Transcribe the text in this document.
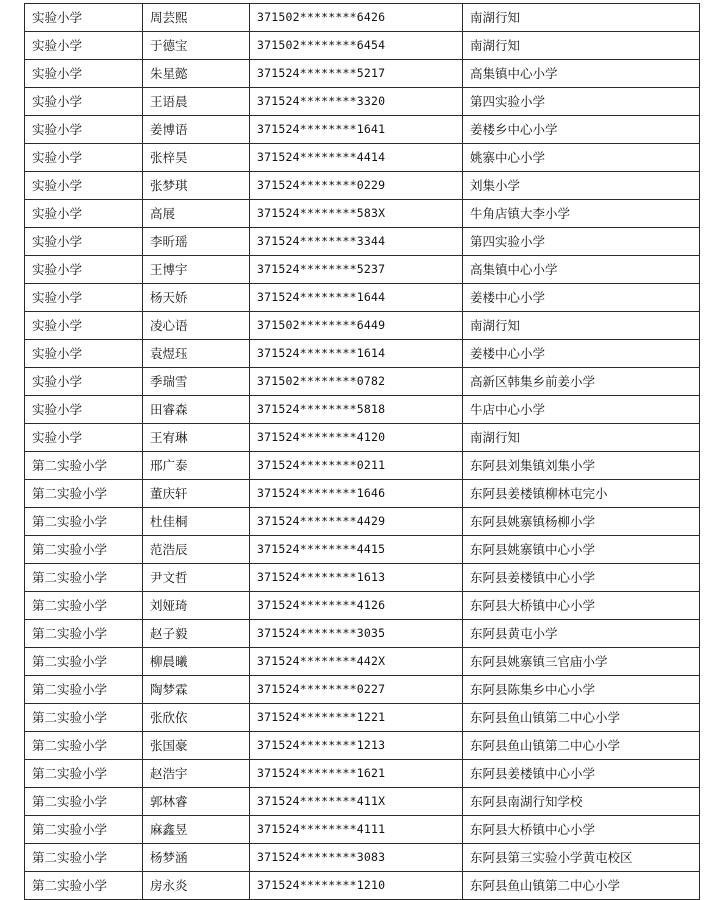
实验小学	周芸熙	371502********6426	南湖行知
实验小学	于德宝	371502********6454	南湖行知
实验小学	朱星懿	371524********5217	高集镇中心小学
实验小学	王语晨	371524********3320	第四实验小学
实验小学	姜博语	371524********1641	姜楼乡中心小学
实验小学	张梓昊	371524********4414	姚寨中心小学
实验小学	张梦琪	371524********0229	刘集小学
实验小学	高展	371524********583X	牛角店镇大李小学
实验小学	李昕瑶	371524********3344	第四实验小学
实验小学	王博宇	371524********5237	高集镇中心小学
实验小学	杨天娇	371524********1644	姜楼中心小学
实验小学	凌心语	371502********6449	南湖行知
实验小学	袁煜珏	371524********1614	姜楼中心小学
实验小学	季瑞雪	371502********0782	高新区韩集乡前姜小学
实验小学	田睿森	371524********5818	牛店中心小学
实验小学	王宥琳	371524********4120	南湖行知
第二实验小学	邢广泰	371524********0211	东阿县刘集镇刘集小学
第二实验小学	董庆轩	371524********1646	东阿县姜楼镇柳林屯完小
第二实验小学	杜佳桐	371524********4429	东阿县姚寨镇杨柳小学
第二实验小学	范浩辰	371524********4415	东阿县姚寨镇中心小学
第二实验小学	尹文哲	371524********1613	东阿县姜楼镇中心小学
第二实验小学	刘娅琦	371524********4126	东阿县大桥镇中心小学
第二实验小学	赵子毅	371524********3035	东阿县黄屯小学
第二实验小学	柳晨曦	371524********442X	东阿县姚寨镇三官庙小学
第二实验小学	陶梦霖	371524********0227	东阿县陈集乡中心小学
第二实验小学	张欣依	371524********1221	东阿县鱼山镇第二中心小学
第二实验小学	张国豪	371524********1213	东阿县鱼山镇第二中心小学
第二实验小学	赵浩宇	371524********1621	东阿县姜楼镇中心小学
第二实验小学	郭林睿	371524********411X	东阿县南湖行知学校
第二实验小学	麻鑫昱	371524********4111	东阿县大桥镇中心小学
第二实验小学	杨梦涵	371524********3083	东阿县第三实验小学黄屯校区
第二实验小学	房永炎	371524********1210	东阿县鱼山镇第二中心小学
